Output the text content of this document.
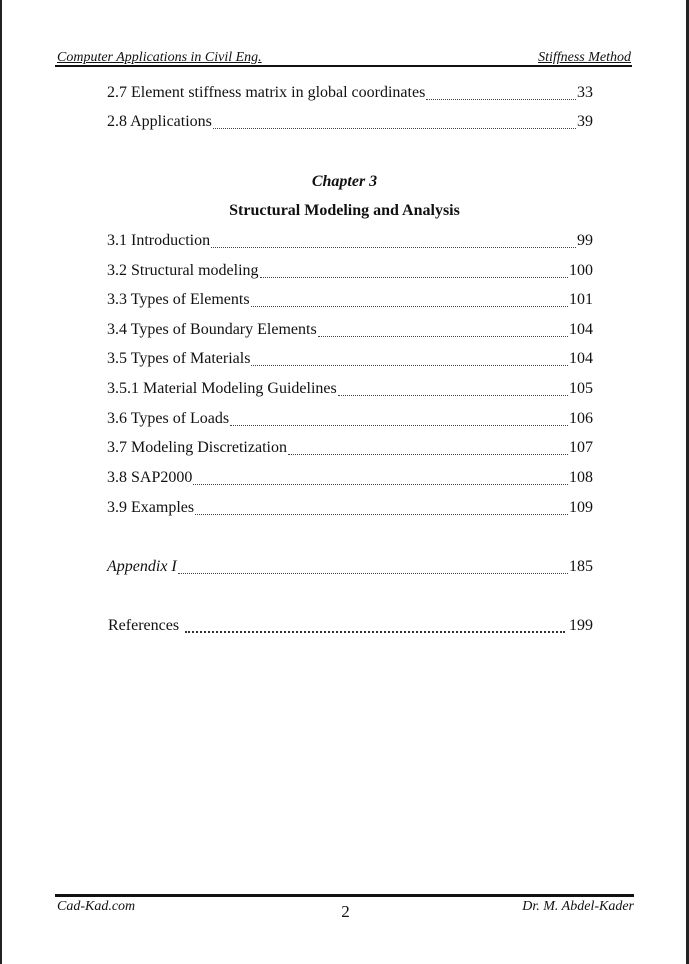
Computer Applications in Civil Eng.	Stiffness Method
2.7 Element stiffness matrix in global coordinates	33
2.8 Applications	39
Chapter 3
Structural Modeling and Analysis
3.1 Introduction	99
3.2 Structural modeling	100
3.3 Types of Elements	101
3.4 Types of Boundary Elements	104
3.5 Types of Materials	104
3.5.1 Material Modeling Guidelines	105
3.6 Types of Loads	106
3.7 Modeling Discretization	107
3.8 SAP2000	108
3.9 Examples	109
Appendix I	185
References	199
Cad-Kad.com	2	Dr. M. Abdel-Kader
